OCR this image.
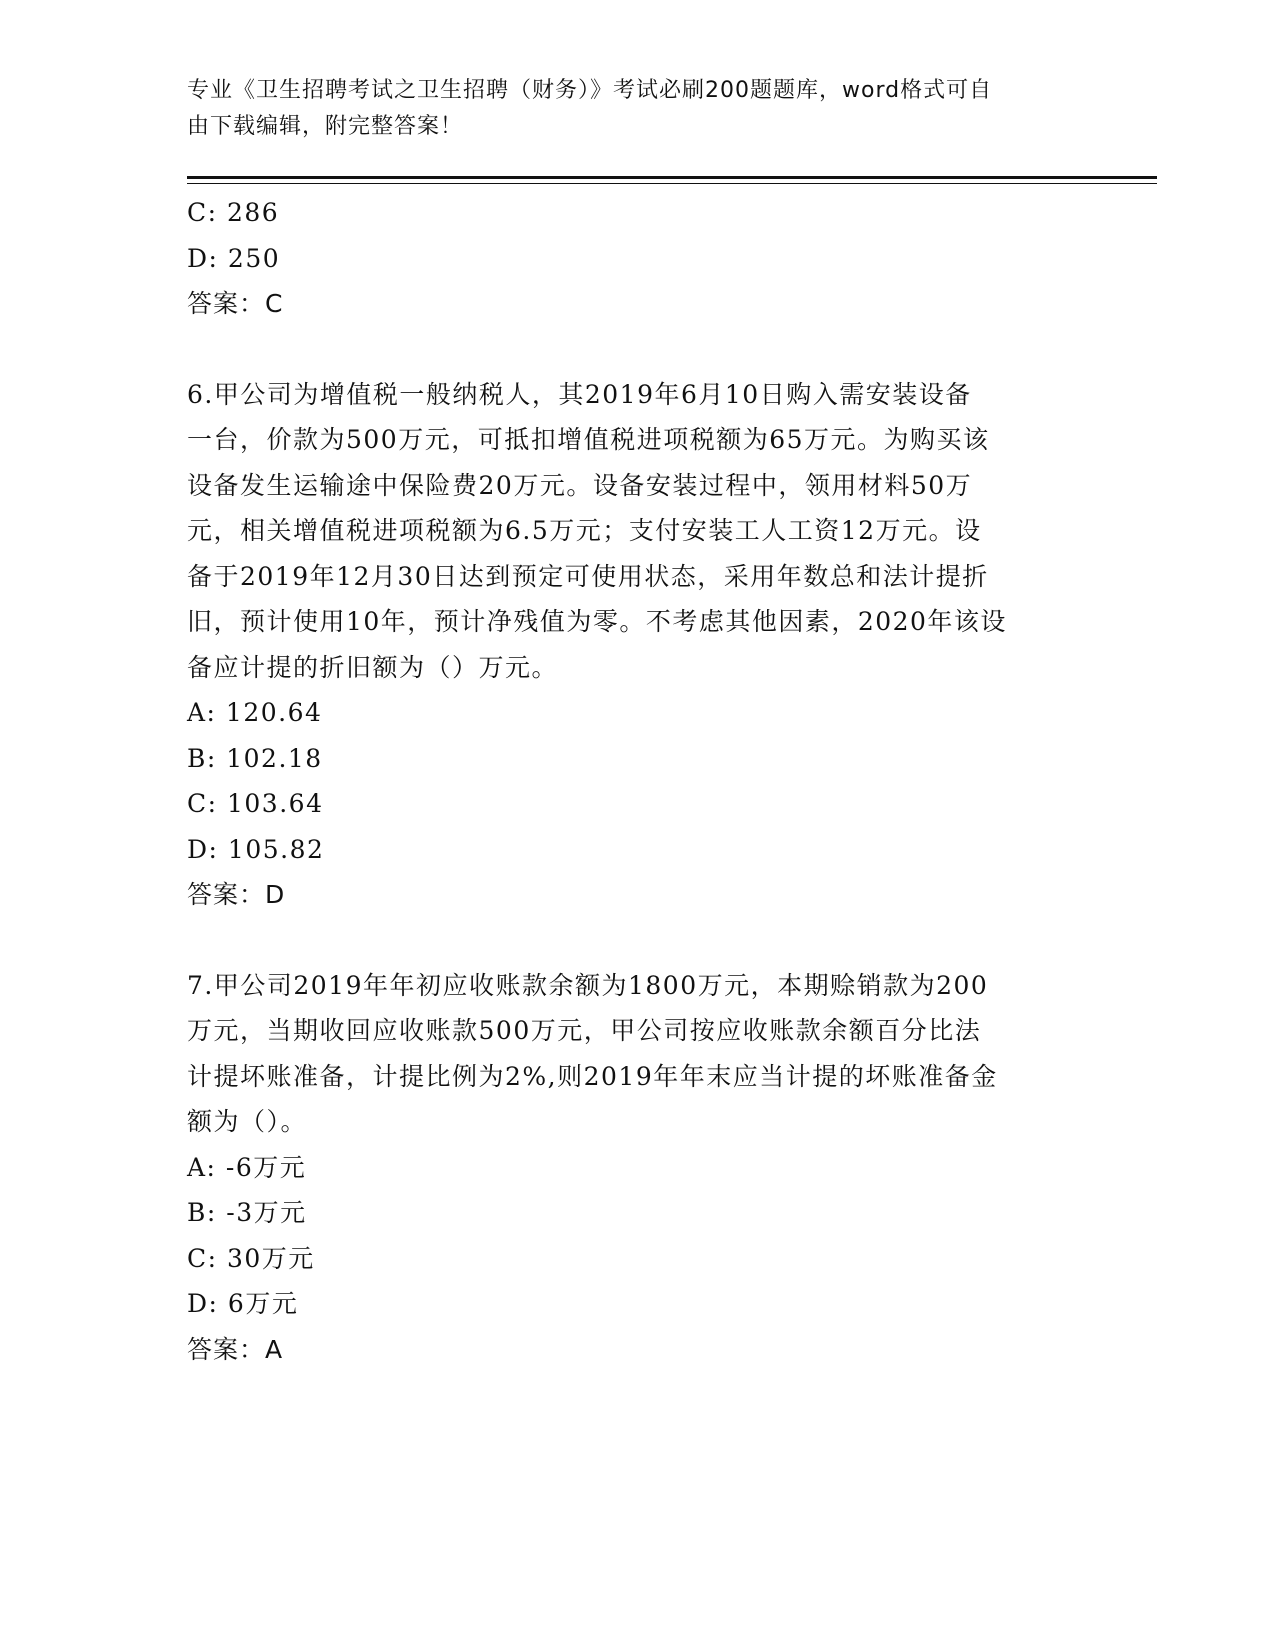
专业《卫生招聘考试之卫生招聘（财务）》考试必刷200题题库，word格式可自
由下载编辑，附完整答案！
C: 286
D: 250
答案：C
6.甲公司为增值税一般纳税人，其2019年6月10日购入需安装设备
一台，价款为500万元，可抵扣增值税进项税额为65万元。为购买该
设备发生运输途中保险费20万元。设备安装过程中，领用材料50万
元，相关增值税进项税额为6.5万元；支付安装工人工资12万元。设
备于2019年12月30日达到预定可使用状态，采用年数总和法计提折
旧，预计使用10年，预计净残值为零。不考虑其他因素，2020年该设
备应计提的折旧额为（）万元。
A: 120.64
B: 102.18
C: 103.64
D: 105.82
答案：D
7.甲公司2019年年初应收账款余额为1800万元，本期赊销款为200
万元，当期收回应收账款500万元，甲公司按应收账款余额百分比法
计提坏账准备，计提比例为2%,则2019年年末应当计提的坏账准备金
额为（）。
A: -6万元
B: -3万元
C: 30万元
D: 6万元
答案：A
